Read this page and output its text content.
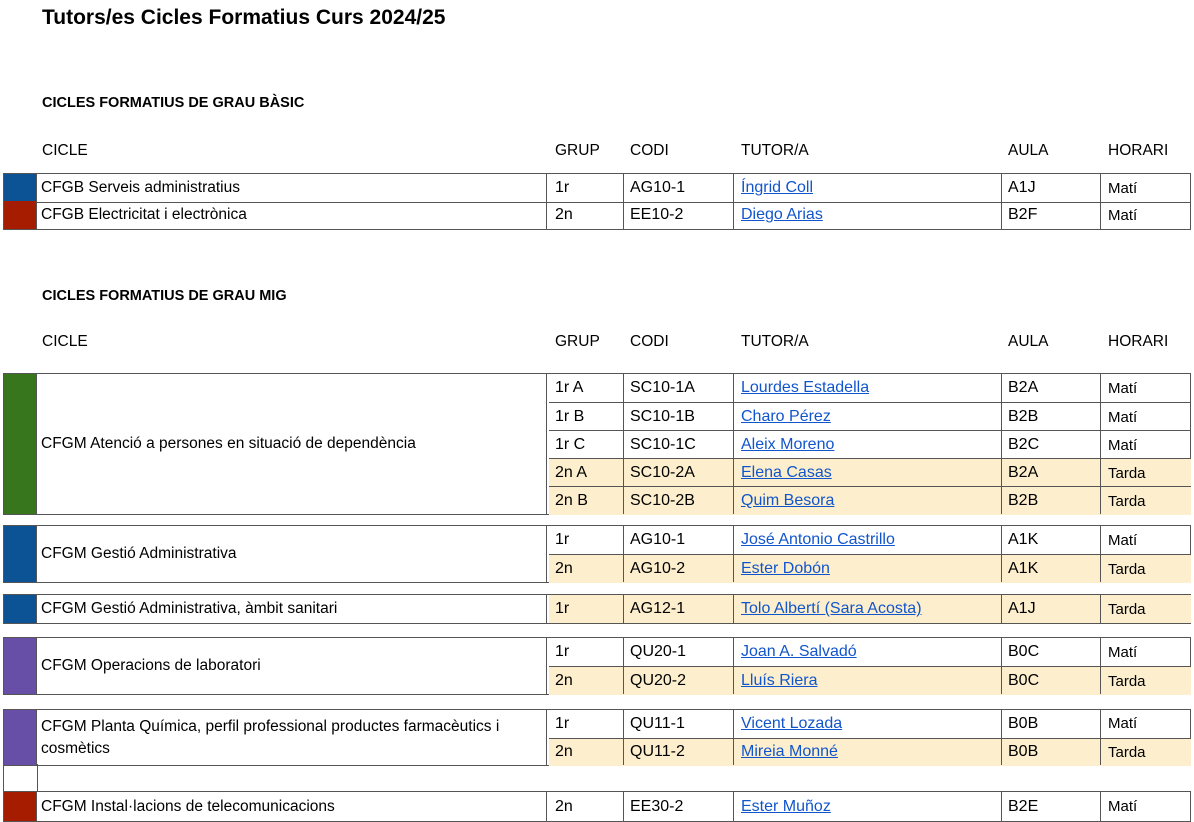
Tutors/es Cicles Formatius Curs 2024/25
CICLES FORMATIUS DE GRAU BÀSIC
CICLE	GRUP CODI	TUTOR/A	AULA	HORARI
CFGB Serveis administratius	1r	AG10-1	Íngrid Coll	A1J	Matí
CFGB Electricitat i electrònica	2n	EE10-2	Diego Arias	B2F	Matí
CICLES FORMATIUS DE GRAU MIG
CICLE	GRUP CODI	TUTOR/A	AULA	HORARI
CFGM Atenció a persones en situació de dependència
1r A	SC10-1A	Lourdes Estadella	B2A	Matí
1r B	SC10-1B	Charo Pérez	B2B	Matí
1r C	SC10-1C	Aleix Moreno	B2C	Matí
2n A	SC10-2A	Elena Casas	B2A	Tarda
2n B	SC10-2B	Quim Besora	B2B	Tarda
CFGM Gestió Administrativa
1r	AG10-1	José Antonio Castrillo	A1K	Matí
2n	AG10-2	Ester Dobón	A1K	Tarda
CFGM Gestió Administrativa, àmbit sanitari	1r	AG12-1	Tolo Albertí (Sara Acosta)	A1J	Tarda
CFGM Operacions de laboratori
1r	QU20-1	Joan A. Salvadó	B0C	Matí
2n	QU20-2	Lluís Riera	B0C	Tarda
CFGM Planta Química, perfil professional productes farmacèutics i cosmètics
1r	QU11-1	Vicent Lozada	B0B	Matí
2n	QU11-2	Mireia Monné	B0B	Tarda
CFGM Instal·lacions de telecomunicacions	2n	EE30-2	Ester Muñoz	B2E	Matí
